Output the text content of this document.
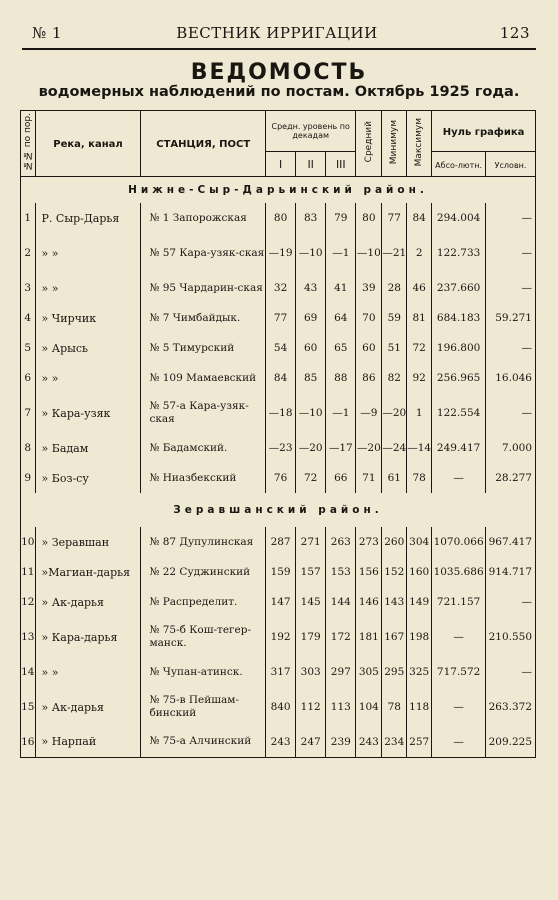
№ 1	ВЕСТНИК ИРРИГАЦИИ	123
ВЕДОМОСТЬ
водомерных наблюдений по постам. Октябрь 1925 года.
№№ по пор.	Река, канал	СТАНЦИЯ, ПОСТ	Средн. уровень по декадам			Средний	Минимум	Максимум	Нуль графика	
			I	II	III				Абсо-лютн.	Условн.
Нижне-Сыр-Дарьинский район.										
1	Р. Сыр-Дарья	№ 1 Запорожская	80	83	79	80	77	84	294.004	—
2	» »	№ 57 Кара-узяк-ская	—19	—10	—1	—10	—21	2	122.733	—
3	» »	№ 95 Чардарин-ская	32	43	41	39	28	46	237.660	—
4	» Чирчик	№ 7 Чимбайдык.	77	69	64	70	59	81	684.183	59.271
5	» Арысь	№ 5 Тимурский	54	60	65	60	51	72	196.800	—
6	» »	№ 109 Мамаевский	84	85	88	86	82	92	256.965	16.046
7	» Кара-узяк	№ 57-а Кара-узяк-ская	—18	—10	—1	—9	—20	1	122.554	—
8	» Бадам	№ Бадамский.	—23	—20	—17	—20	—24	—14	249.417	7.000
9	» Боз-су	№ Ниазбекский	76	72	66	71	61	78	—	28.277
Зеравшанский район.										
10	» Зеравшан	№ 87 Дупулинская	287	271	263	273	260	304	1070.066	967.417
11	»Магиан-дарья	№ 22 Суджинский	159	157	153	156	152	160	1035.686	914.717
12	» Ак-дарья	№ Распределит.	147	145	144	146	143	149	721.157	—
13	» Кара-дарья	№ 75-б Кош-тегер-манск.	192	179	172	181	167	198	—	210.550
14	» »	№ Чупан-атинск.	317	303	297	305	295	325	717.572	—
15	» Ак-дарья	№ 75-в Пейшам-бинский	840	112	113	104	78	118	—	263.372
16	» Нарпай	№ 75-а Алчинский	243	247	239	243	234	257	—	209.225
